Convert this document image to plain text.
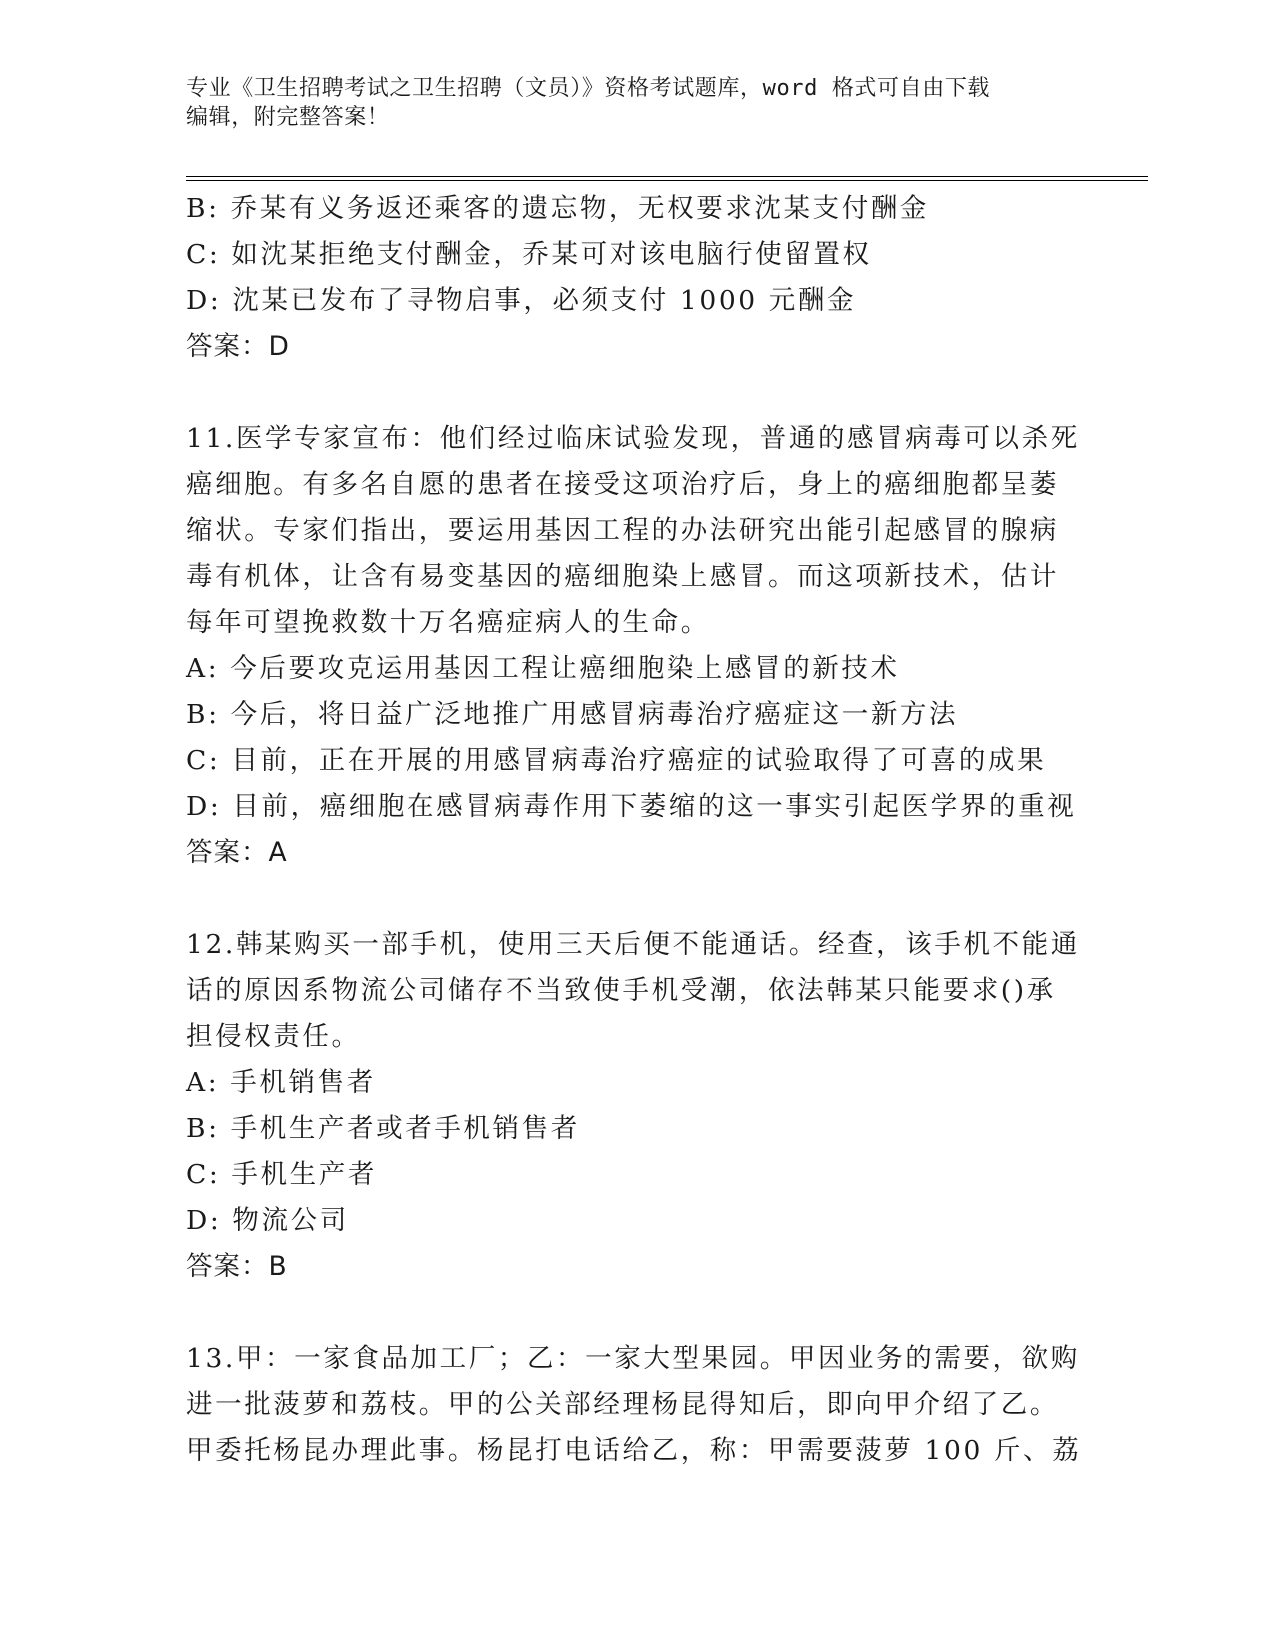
专业《卫生招聘考试之卫生招聘（文员）》资格考试题库，word 格式可自由下载
编辑，附完整答案！
B: 乔某有义务返还乘客的遗忘物，无权要求沈某支付酬金
C: 如沈某拒绝支付酬金，乔某可对该电脑行使留置权
D: 沈某已发布了寻物启事，必须支付 1000 元酬金
答案：D
11.医学专家宣布：他们经过临床试验发现，普通的感冒病毒可以杀死
癌细胞。有多名自愿的患者在接受这项治疗后，身上的癌细胞都呈萎
缩状。专家们指出，要运用基因工程的办法研究出能引起感冒的腺病
毒有机体，让含有易变基因的癌细胞染上感冒。而这项新技术，估计
每年可望挽救数十万名癌症病人的生命。
A: 今后要攻克运用基因工程让癌细胞染上感冒的新技术
B: 今后，将日益广泛地推广用感冒病毒治疗癌症这一新方法
C: 目前，正在开展的用感冒病毒治疗癌症的试验取得了可喜的成果
D: 目前，癌细胞在感冒病毒作用下萎缩的这一事实引起医学界的重视
答案：A
12.韩某购买一部手机，使用三天后便不能通话。经查，该手机不能通
话的原因系物流公司储存不当致使手机受潮，依法韩某只能要求()承
担侵权责任。
A: 手机销售者
B: 手机生产者或者手机销售者
C: 手机生产者
D: 物流公司
答案：B
13.甲：一家食品加工厂；乙：一家大型果园。甲因业务的需要，欲购
进一批菠萝和荔枝。甲的公关部经理杨昆得知后，即向甲介绍了乙。
甲委托杨昆办理此事。杨昆打电话给乙，称：甲需要菠萝 100 斤、荔
